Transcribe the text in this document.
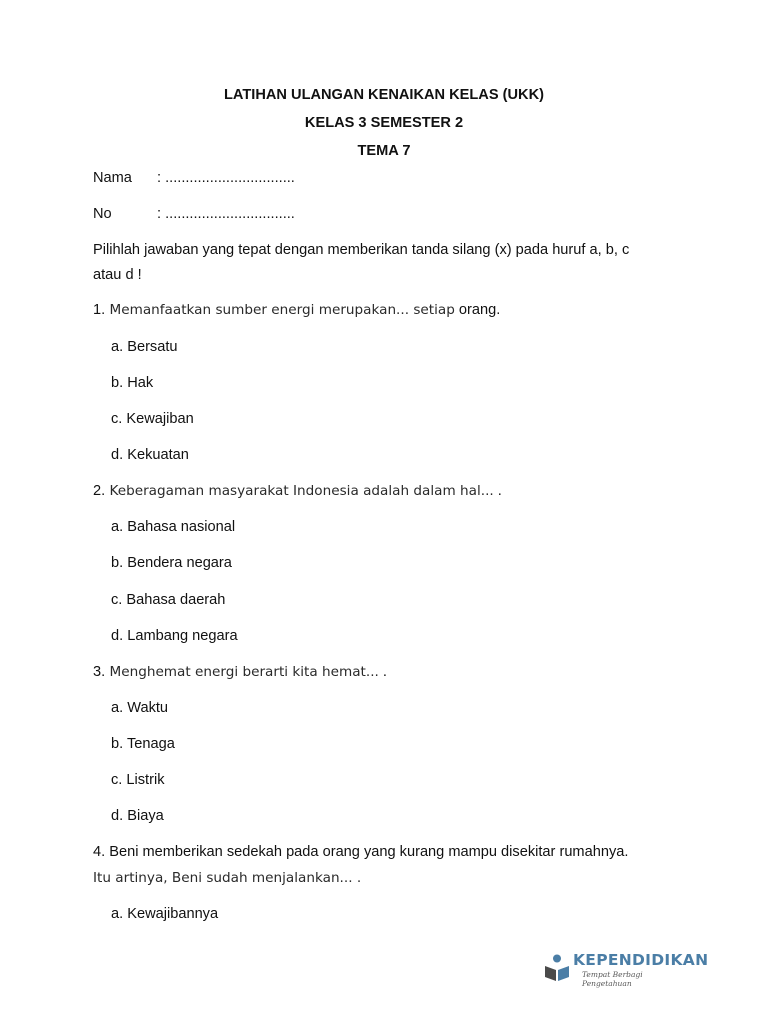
LATIHAN ULANGAN KENAIKAN KELAS (UKK)
KELAS 3 SEMESTER 2
TEMA 7
Nama : ................................
No	: ................................
Pilihlah jawaban yang tepat dengan memberikan tanda silang (x) pada huruf a, b, c
atau d !
1. Memanfaatkan sumber energi merupakan... setiap orang.
a. Bersatu
b. Hak
c. Kewajiban
d. Kekuatan
2. Keberagaman masyarakat Indonesia adalah dalam hal... .
a. Bahasa nasional
b. Bendera negara
c. Bahasa daerah
d. Lambang negara
3. Menghemat energi berarti kita hemat... .
a. Waktu
b. Tenaga
c. Listrik
d. Biaya
4. Beni memberikan sedekah pada orang yang kurang mampu disekitar rumahnya.
Itu artinya, Beni sudah menjalankan... .
a. Kewajibannya
KEPENDIDIKAN
Tempat Berbagi Pengetahuan
